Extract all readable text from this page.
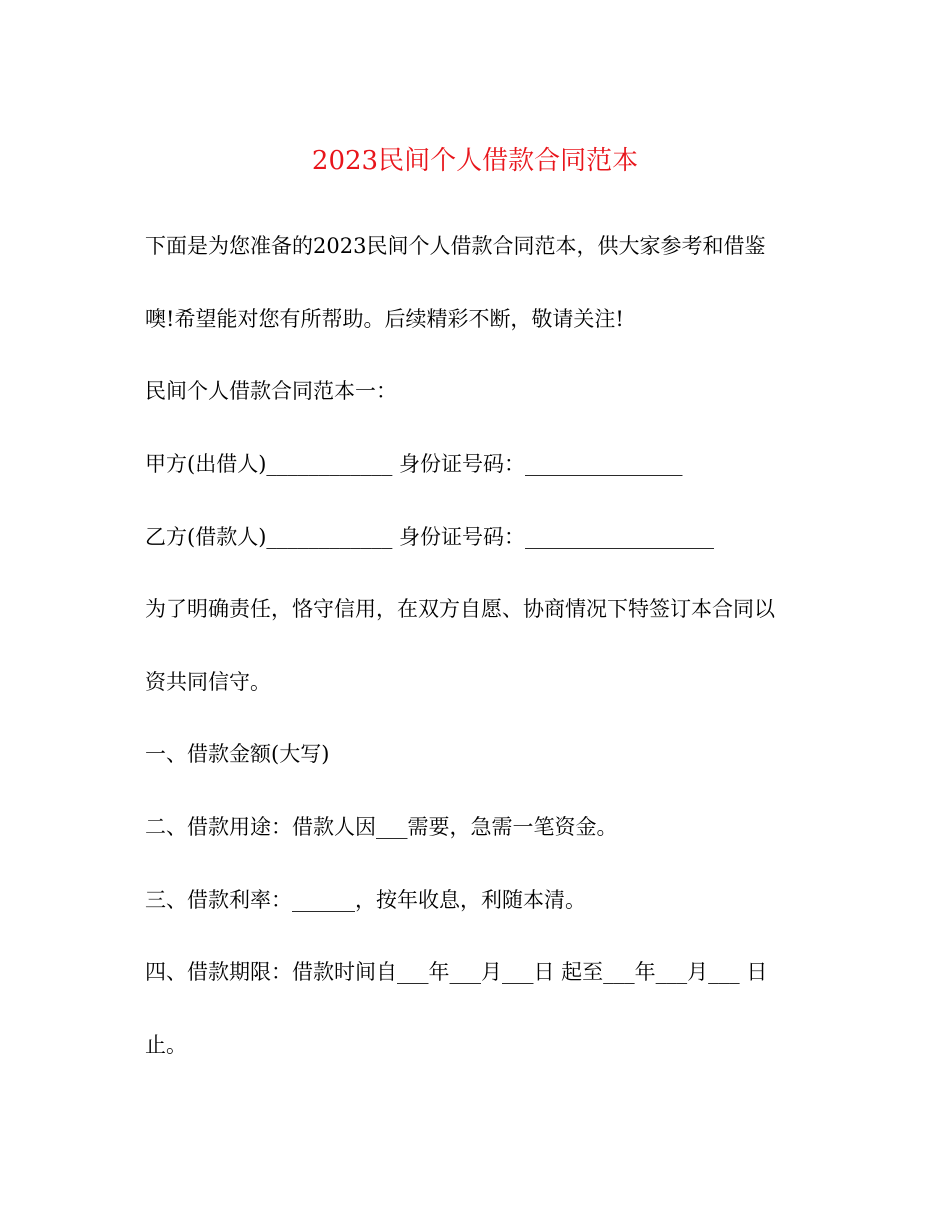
2023民间个人借款合同范本

下面是为您准备的2023民间个人借款合同范本，供大家参考和借鉴

噢!希望能对您有所帮助。后续精彩不断，敬请关注!

民间个人借款合同范本一：

甲方(出借人)____________ 身份证号码：_______________

乙方(借款人)____________ 身份证号码：__________________

为了明确责任，恪守信用，在双方自愿、协商情况下特签订本合同以

资共同信守。

一、借款金额(大写)

二、借款用途：借款人因___需要，急需一笔资金。

三、借款利率：______，按年收息，利随本清。

四、借款期限：借款时间自___年___月___日 起至___年___月___ 日

止。
